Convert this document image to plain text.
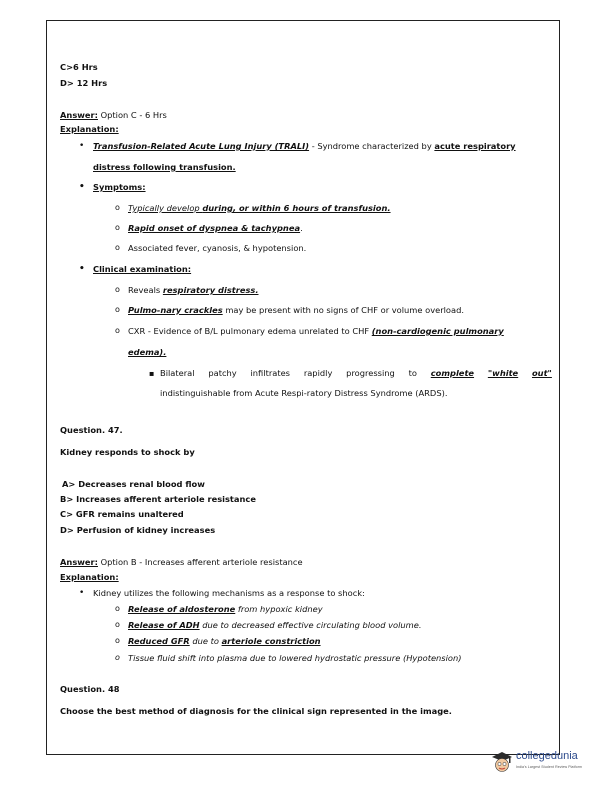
C>6 Hrs
D> 12 Hrs
Answer: Option C - 6 Hrs
Explanation:
• Transfusion-Related Acute Lung Injury (TRALI) - Syndrome characterized by acute respiratory
distress following transfusion.
• Symptoms:
o Typically develop during, or within 6 hours of transfusion.
o Rapid onset of dyspnea & tachypnea.
o Associated fever, cyanosis, & hypotension.
• Clinical examination:
o Reveals respiratory distress.
o Pulmo-nary crackles may be present with no signs of CHF or volume overload.
o CXR - Evidence of B/L pulmonary edema unrelated to CHF (non-cardiogenic pulmonary
edema).
▪ Bilateral patchy infiltrates rapidly progressing to complete "white out"
indistinguishable from Acute Respi-ratory Distress Syndrome (ARDS).
Question. 47.
Kidney responds to shock by
A> Decreases renal blood flow
B> Increases afferent arteriole resistance
C> GFR remains unaltered
D> Perfusion of kidney increases
Answer: Option B - Increases afferent arteriole resistance
Explanation:
• Kidney utilizes the following mechanisms as a response to shock:
o Release of aldosterone from hypoxic kidney
o Release of ADH due to decreased effective circulating blood volume.
o Reduced GFR due to arteriole constriction
o Tissue fluid shift into plasma due to lowered hydrostatic pressure (Hypotension)
Question. 48
Choose the best method of diagnosis for the clinical sign represented in the image.
collegedunia
India's Largest Student Review Platform
